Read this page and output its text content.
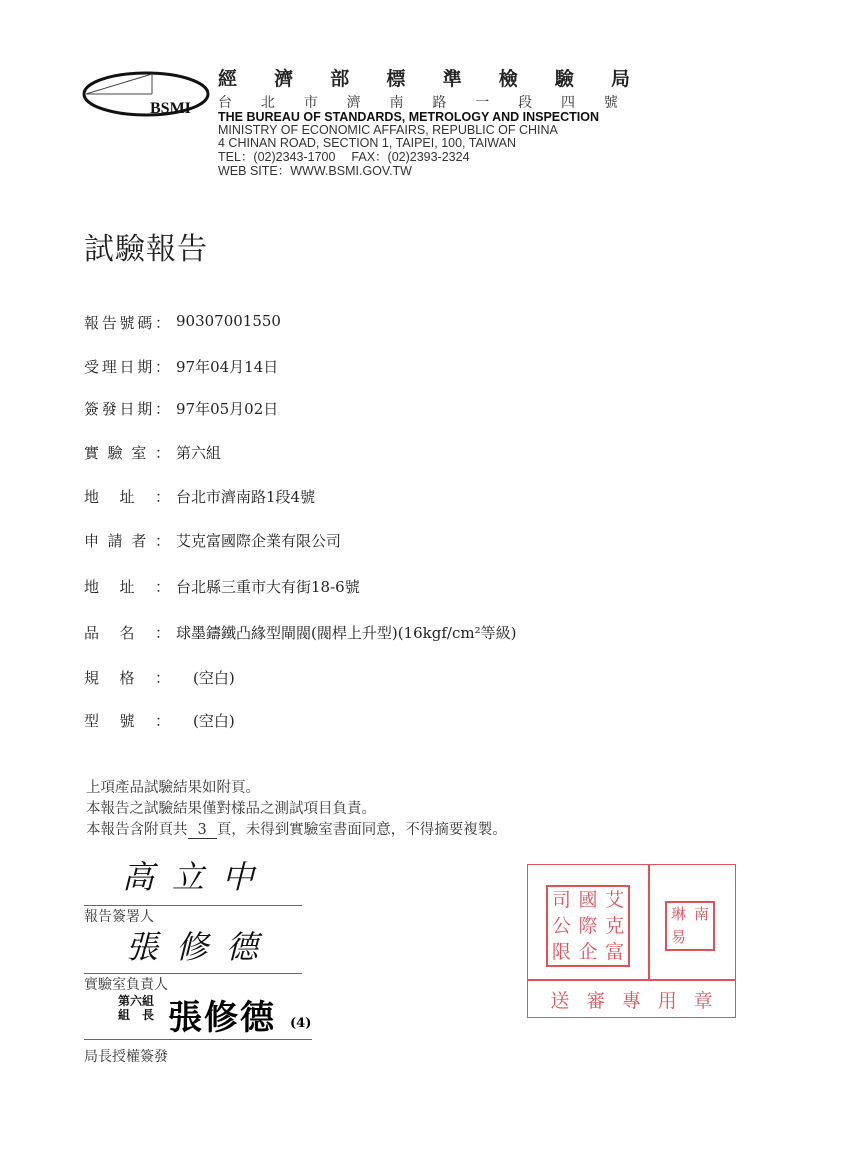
BSMI
經 濟 部 標 準 檢 驗 局
台 北 市 濟 南 路 一 段 四 號
THE BUREAU OF STANDARDS, METROLOGY AND INSPECTION
MINISTRY OF ECONOMIC AFFAIRS, REPUBLIC OF CHINA
4 CHINAN ROAD, SECTION 1, TAIPEI, 100, TAIWAN
TEL：(02)2343-1700　 FAX：(02)2393-2324
WEB SITE：WWW.BSMI.GOV.TW
試驗報告
報 告 號 碼 ： 90307001550
受 理 日 期 ： 97年04月14日
簽 發 日 期 ： 97年05月02日
實 驗 室 ： 第六組
地 址 ： 台北市濟南路1段4號
申 請 者 ： 艾克富國際企業有限公司
地 址 ： 台北縣三重市大有街18-6號
品 名 ： 球墨鑄鐵凸緣型閘閥(閥桿上升型)(16kgf/cm²等級)
規 格 ： (空白)
型 號 ： (空白)
上項產品試驗結果如附頁。
本報告之試驗結果僅對樣品之測試項目負責。
本報告含附頁共 3 頁，未得到實驗室書面同意，不得摘要複製。
高立中
報告簽署人
張修德
實驗室負責人
第六組
組　長 張修德 (4)
局長授權簽發
司 國 艾
公 際 克
限 企 富
琳 南
易
送 審 專 用 章
